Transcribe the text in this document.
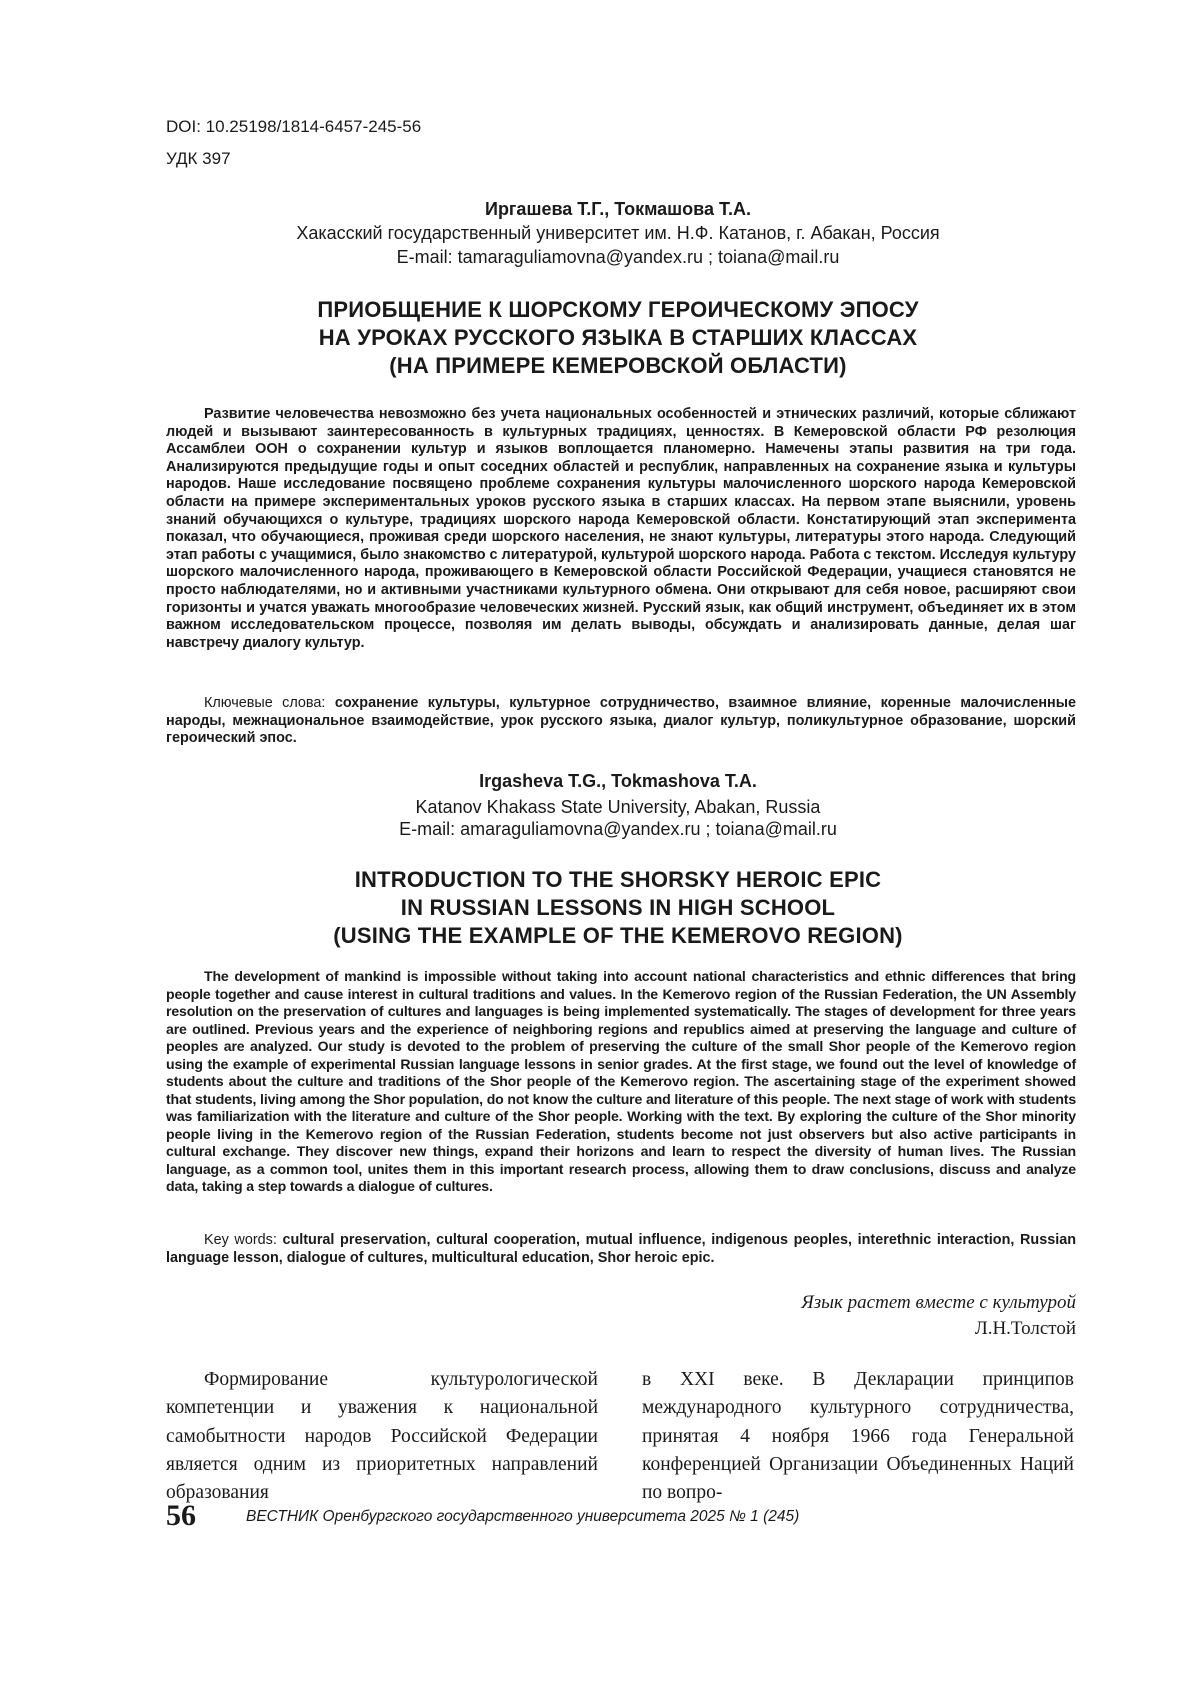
DOI: 10.25198/1814-6457-245-56
УДК 397
Иргашева Т.Г., Токмашова Т.А.
Хакасский государственный университет им. Н.Ф. Катанов, г. Абакан, Россия
E-mail: tamaraguliamovna@yandex.ru ; toiana@mail.ru
ПРИОБЩЕНИЕ К ШОРСКОМУ ГЕРОИЧЕСКОМУ ЭПОСУ
НА УРОКАХ РУССКОГО ЯЗЫКА В СТАРШИХ КЛАССАХ
(НА ПРИМЕРЕ КЕМЕРОВСКОЙ ОБЛАСТИ)

Развитие человечества невозможно без учета национальных особенностей и этнических различий, которые сближают людей и вызывают заинтересованность в культурных традициях, ценностях. В Кемеровской области РФ резолюция Ассамблеи ООН о сохранении культур и языков воплощается планомерно. Намечены этапы развития на три года. Анализируются предыдущие годы и опыт соседних областей и республик, направленных на сохранение языка и культуры народов. Наше исследование посвящено проблеме сохранения культуры малочисленного шорского народа Кемеровской области на примере экспериментальных уроков русского языка в старших классах. На первом этапе выяснили, уровень знаний обучающихся о культуре, традициях шорского народа Кемеровской области. Констатирующий этап эксперимента показал, что обучающиеся, проживая среди шорского населения, не знают культуры, литературы этого народа. Следующий этап работы с учащимися, было знакомство с литературой, культурой шорского народа. Работа с текстом. Исследуя культуру шорского малочисленного народа, проживающего в Кемеровской области Российской Федерации, учащиеся становятся не просто наблюдателями, но и активными участниками культурного обмена. Они открывают для себя новое, расширяют свои горизонты и учатся уважать многообразие человеческих жизней. Русский язык, как общий инструмент, объединяет их в этом важном исследовательском процессе, позволяя им делать выводы, обсуждать и анализировать данные, делая шаг навстречу диалогу культур.

Ключевые слова: сохранение культуры, культурное сотрудничество, взаимное влияние, коренные малочисленные народы, межнациональное взаимодействие, урок русского языка, диалог культур, поликультурное образование, шорский героический эпос.

Irgasheva T.G., Tokmashova T.A.
Katanov Khakass State University, Abakan, Russia
E-mail: amaraguliamovna@yandex.ru ; toiana@mail.ru
INTRODUCTION TO THE SHORSKY HEROIC EPIC
IN RUSSIAN LESSONS IN HIGH SCHOOL
(USING THE EXAMPLE OF THE KEMEROVO REGION)

The development of mankind is impossible without taking into account national characteristics and ethnic differences that bring people together and cause interest in cultural traditions and values. In the Kemerovo region of the Russian Federation, the UN Assembly resolution on the preservation of cultures and languages is being implemented systematically. The stages of development for three years are outlined. Previous years and the experience of neighboring regions and republics aimed at preserving the language and culture of peoples are analyzed. Our study is devoted to the problem of preserving the culture of the small Shor people of the Kemerovo region using the example of experimental Russian language lessons in senior grades. At the first stage, we found out the level of knowledge of students about the culture and traditions of the Shor people of the Kemerovo region. The ascertaining stage of the experiment showed that students, living among the Shor population, do not know the culture and literature of this people. The next stage of work with students was familiarization with the literature and culture of the Shor people. Working with the text. By exploring the culture of the Shor minority people living in the Kemerovo region of the Russian Federation, students become not just observers but also active participants in cultural exchange. They discover new things, expand their horizons and learn to respect the diversity of human lives. The Russian language, as a common tool, unites them in this important research process, allowing them to draw conclusions, discuss and analyze data, taking a step towards a dialogue of cultures.

Key words: cultural preservation, cultural cooperation, mutual influence, indigenous peoples, interethnic interaction, Russian language lesson, dialogue of cultures, multicultural education, Shor heroic epic.

Язык растет вместе с культурой
Л.Н.Толстой

Формирование культурологической компетенции и уважения к национальной самобытности народов Российской Федерации является одним из приоритетных направлений образования

в XXI веке. В Декларации принципов международного культурного сотрудничества, принятая 4 ноября 1966 года Генеральной конференцией Организации Объединенных Наций по вопро-

56	ВЕСТНИК Оренбургского государственного университета 2025 № 1 (245)
